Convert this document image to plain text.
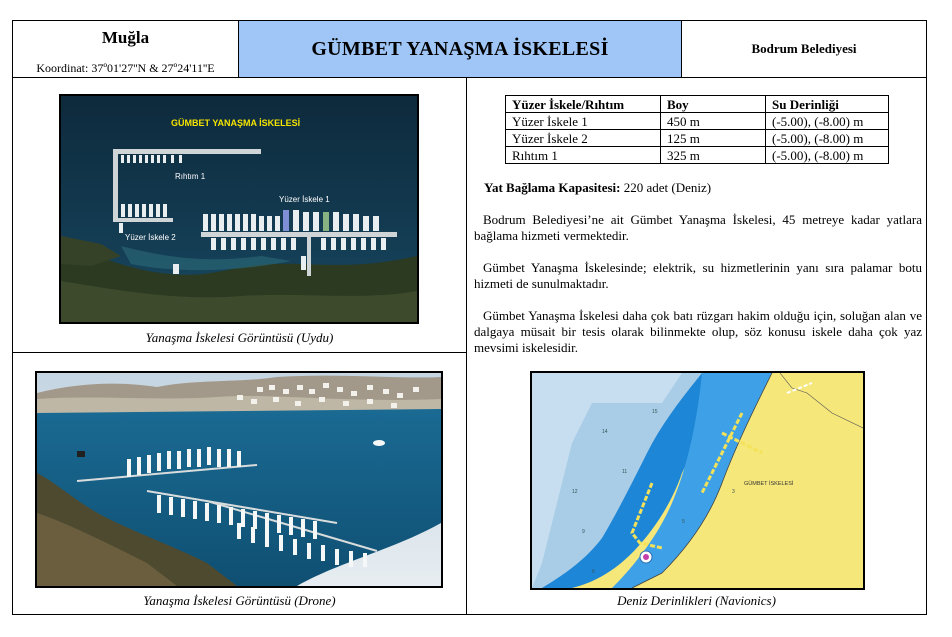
Muğla
Koordinat: 37º01'27''N & 27º24'11''E
GÜMBET YANAŞMA İSKELESİ	Bodrum Belediyesi
GÜMBET YANAŞMA İSKELESİ
Rıhtım 1
Yüzer İskele 1
Yüzer İskele 2
Yanaşma İskelesi Görüntüsü (Uydu)
Yanaşma İskelesi Görüntüsü (Drone)
Yüzer İskele/Rıhtım	Boy	Su Derinliği
Yüzer İskele 1	450 m	(-5.00), (-8.00) m
Yüzer İskele 2	125 m	(-5.00), (-8.00) m
Rıhtım 1	325 m	(-5.00), (-8.00) m
Yat Bağlama Kapasitesi: 220 adet (Deniz)
Bodrum Belediyesi’ne ait Gümbet Yanaşma İskelesi, 45 metreye kadar yatlara bağlama hizmeti vermektedir.
Gümbet Yanaşma İskelesinde; elektrik, su hizmetlerinin yanı sıra palamar botu hizmeti de sunulmaktadır.
Gümbet Yanaşma İskelesi daha çok batı rüzgarı hakim olduğu için, soluğan alan ve dalgaya müsait bir tesis olarak bilinmekte olup, söz konusu iskele daha çok yaz mevsimi iskelesidir.
12
9
14
15
3
5
6
11
GÜMBET İSKELESİ
Deniz Derinlikleri (Navionics)
